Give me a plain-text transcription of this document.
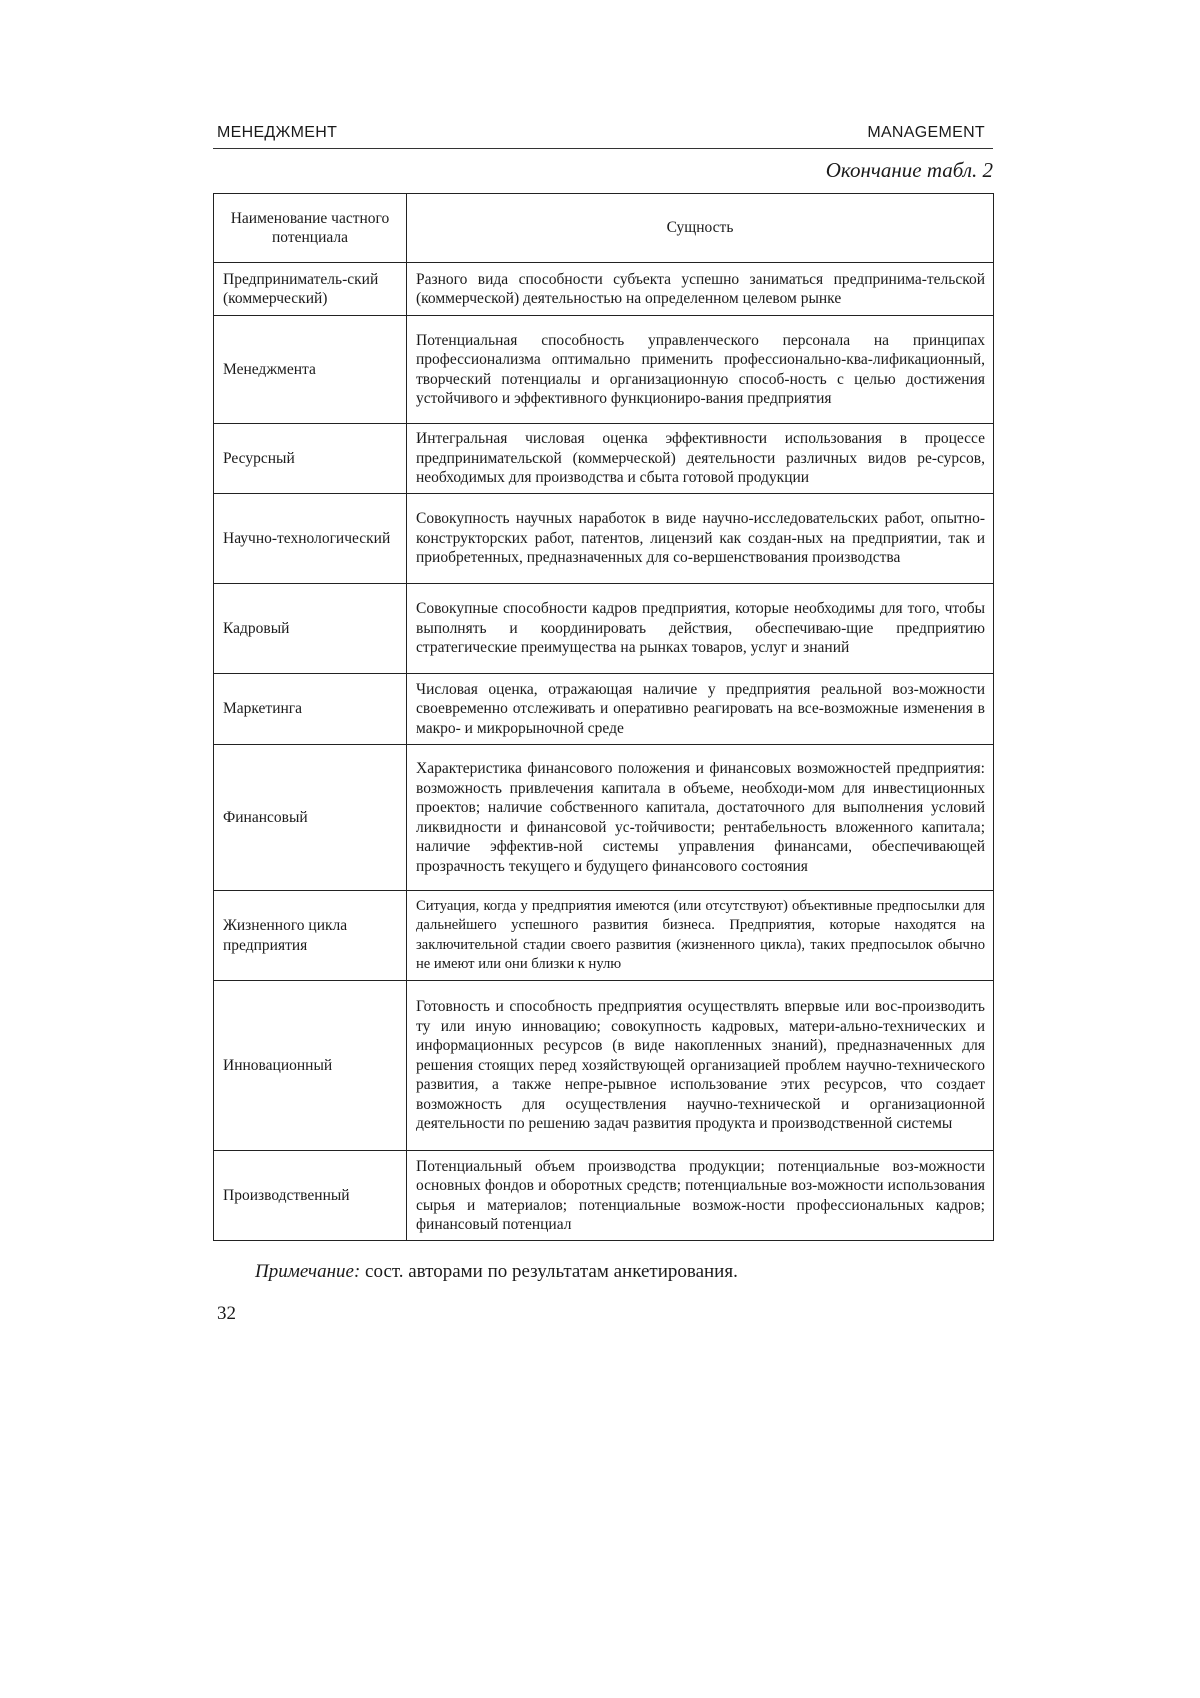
МЕНЕДЖМЕНТ	MANAGEMENT
Окончание табл. 2
Наименование частного потенциала	Сущность
Предприниматель-ский (коммерческий)	Разного вида способности субъекта успешно заниматься предпринима-тельской (коммерческой) деятельностью на определенном целевом рынке
Менеджмента	Потенциальная способность управленческого персонала на принципах профессионализма оптимально применить профессионально-ква-лификационный, творческий потенциалы и организационную способ-ность с целью достижения устойчивого и эффективного функциониро-вания предприятия
Ресурсный	Интегральная числовая оценка эффективности использования в процессе предпринимательской (коммерческой) деятельности различных видов ре-сурсов, необходимых для производства и сбыта готовой продукции
Научно-технологический	Совокупность научных наработок в виде научно-исследовательских работ, опытно-конструкторских работ, патентов, лицензий как создан-ных на предприятии, так и приобретенных, предназначенных для со-вершенствования производства
Кадровый	Совокупные способности кадров предприятия, которые необходимы для того, чтобы выполнять и координировать действия, обеспечиваю-щие предприятию стратегические преимущества на рынках товаров, услуг и знаний
Маркетинга	Числовая оценка, отражающая наличие у предприятия реальной воз-можности своевременно отслеживать и оперативно реагировать на все-возможные изменения в макро- и микрорыночной среде
Финансовый	Характеристика финансового положения и финансовых возможностей предприятия: возможность привлечения капитала в объеме, необходи-мом для инвестиционных проектов; наличие собственного капитала, достаточного для выполнения условий ликвидности и финансовой ус-тойчивости; рентабельность вложенного капитала; наличие эффектив-ной системы управления финансами, обеспечивающей прозрачность текущего и будущего финансового состояния
Жизненного цикла предприятия	Ситуация, когда у предприятия имеются (или отсутствуют) объективные предпосылки для дальнейшего успешного развития бизнеса. Предприятия, которые находятся на заключительной стадии своего развития (жизненного цикла), таких предпосылок обычно не имеют или они близки к нулю
Инновационный	Готовность и способность предприятия осуществлять впервые или вос-производить ту или иную инновацию; совокупность кадровых, матери-ально-технических и информационных ресурсов (в виде накопленных знаний), предназначенных для решения стоящих перед хозяйствующей организацией проблем научно-технического развития, а также непре-рывное использование этих ресурсов, что создает возможность для осуществления научно-технической и организационной деятельности по решению задач развития продукта и производственной системы
Производственный	Потенциальный объем производства продукции; потенциальные воз-можности основных фондов и оборотных средств; потенциальные воз-можности использования сырья и материалов; потенциальные возмож-ности профессиональных кадров; финансовый потенциал
Примечание: сост. авторами по результатам анкетирования.
32
